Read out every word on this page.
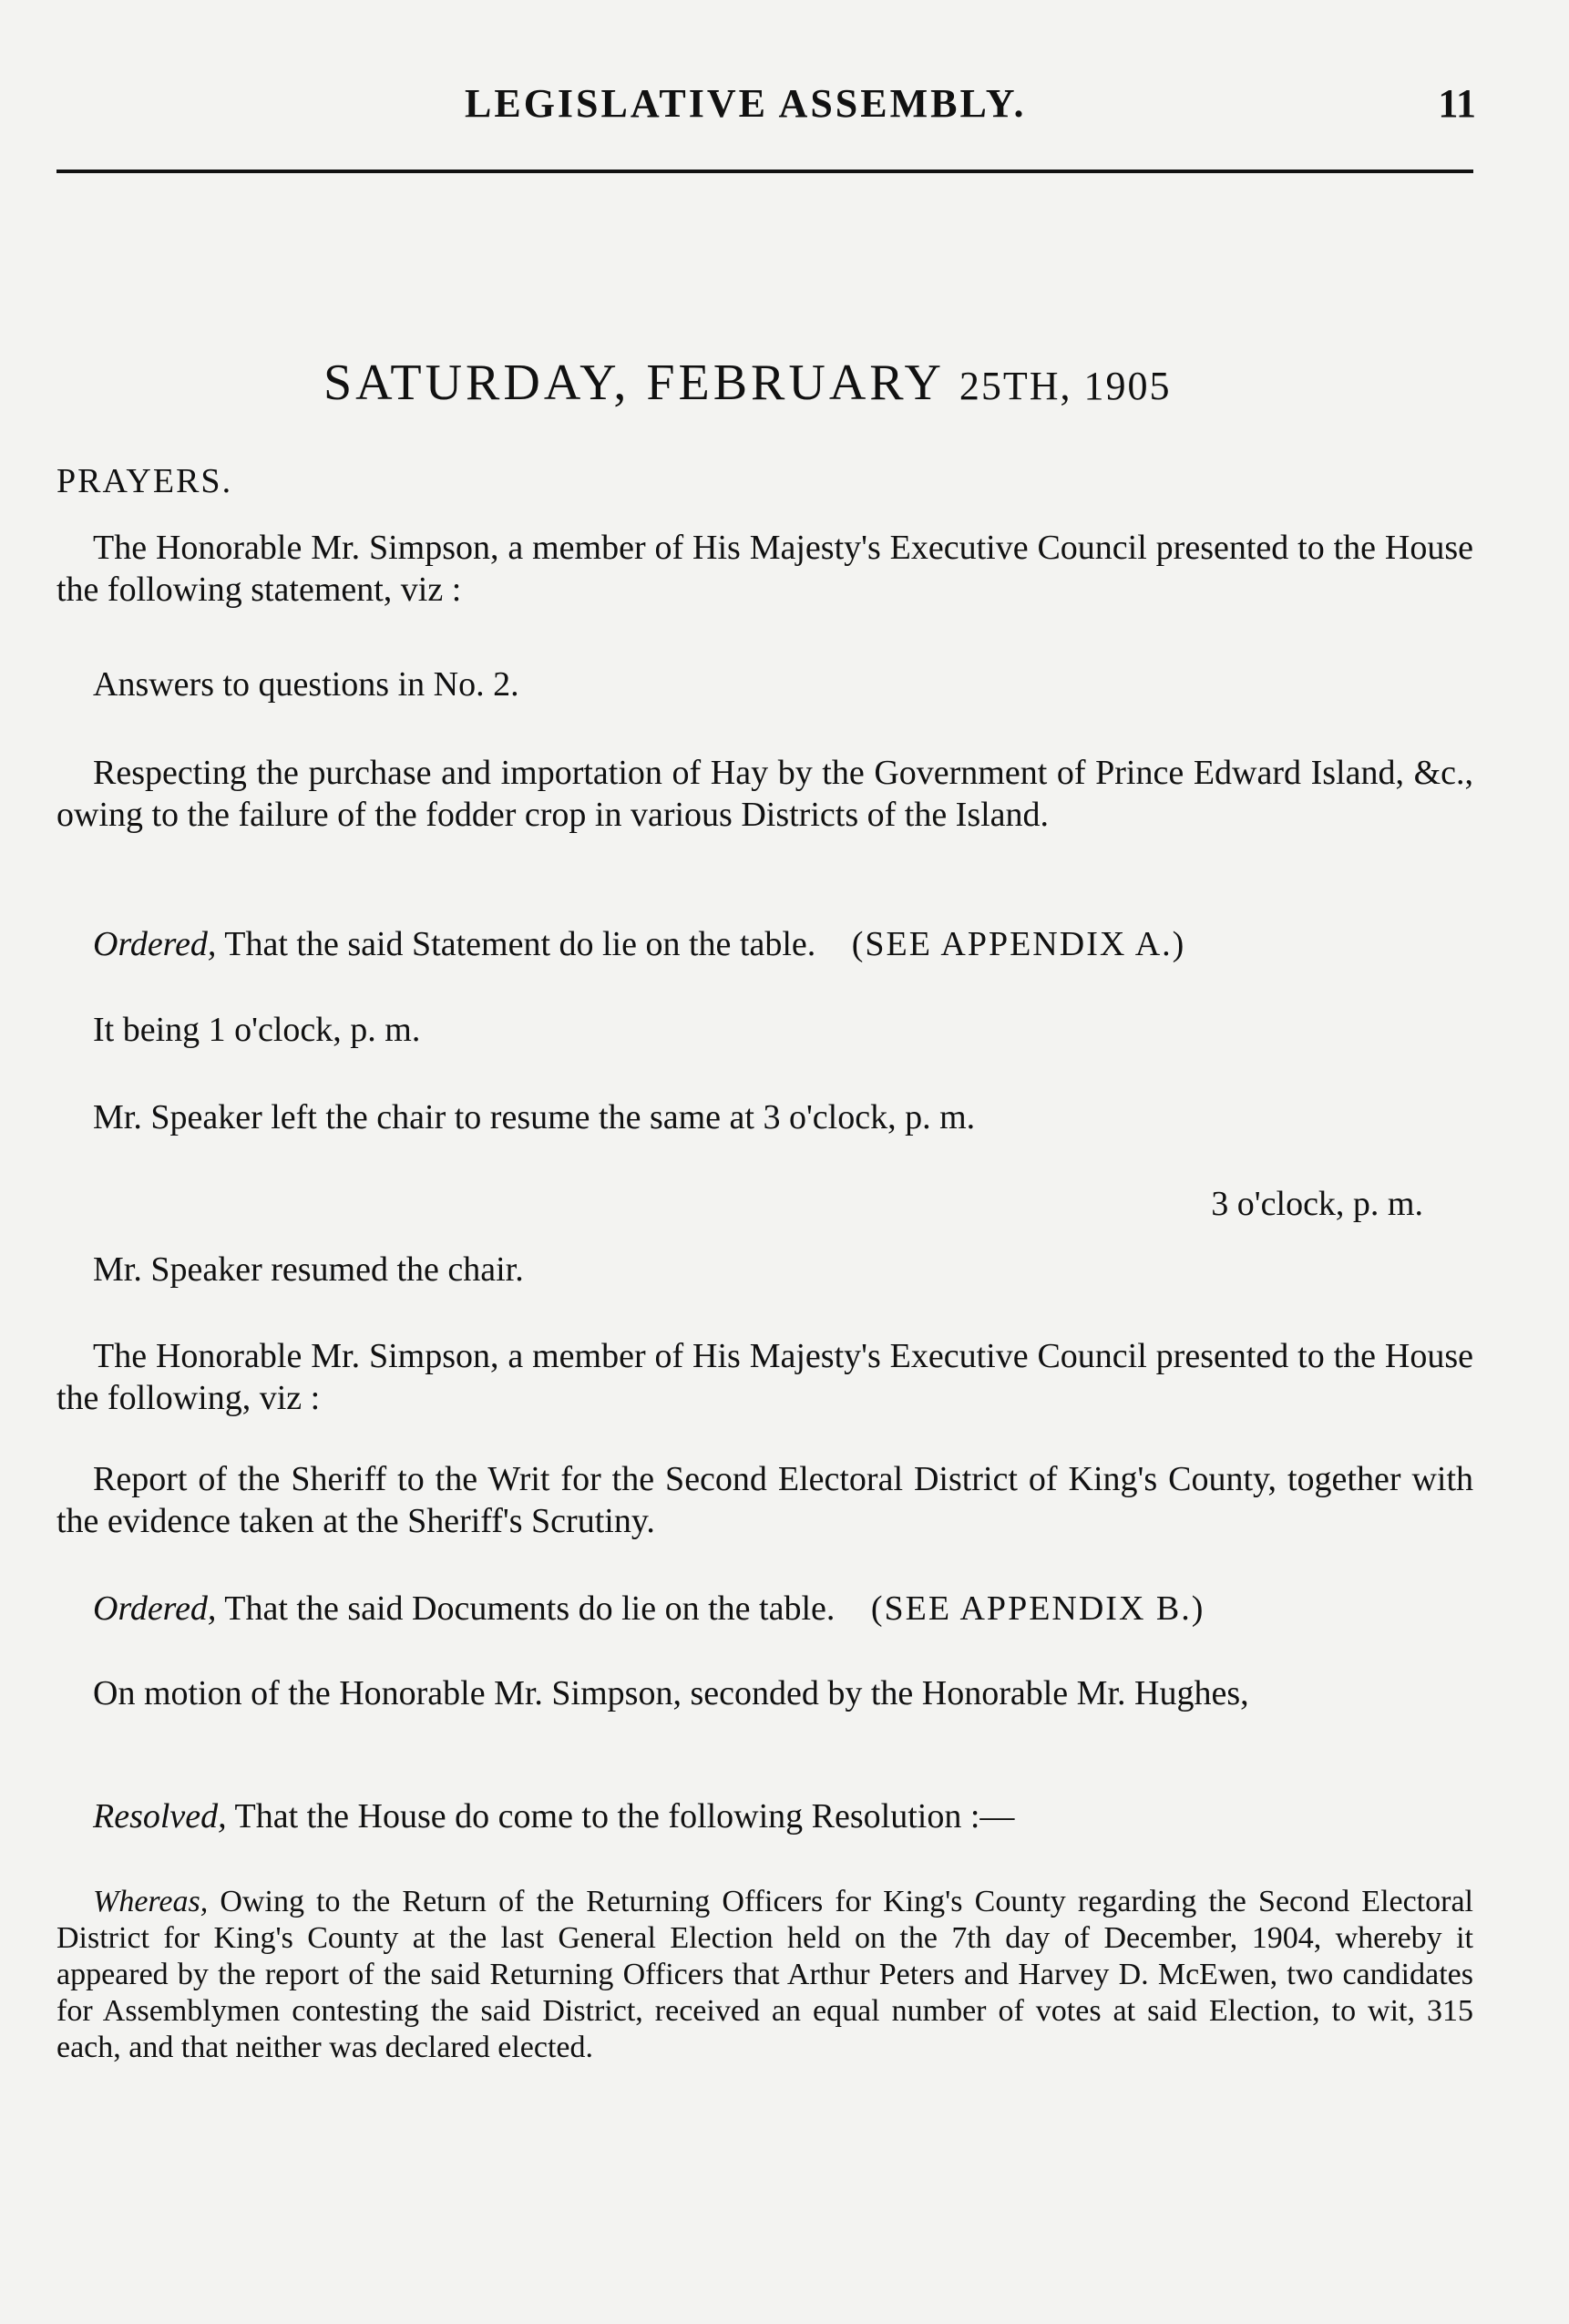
LEGISLATIVE ASSEMBLY.	11
SATURDAY, FEBRUARY 25TH, 1905
PRAYERS.
The Honorable Mr. Simpson, a member of His Majesty's Executive Council presented to the House the following statement, viz :
Answers to questions in No. 2.
Respecting the purchase and importation of Hay by the Government of Prince Edward Island, &c., owing to the failure of the fodder crop in various Districts of the Island.
Ordered, That the said Statement do lie on the table. (SEE APPENDIX A.)
It being 1 o'clock, p. m.
Mr. Speaker left the chair to resume the same at 3 o'clock, p. m.
3 o'clock, p. m.
Mr. Speaker resumed the chair.
The Honorable Mr. Simpson, a member of His Majesty's Executive Council presented to the House the following, viz :
Report of the Sheriff to the Writ for the Second Electoral District of King's County, together with the evidence taken at the Sheriff's Scrutiny.
Ordered, That the said Documents do lie on the table. (SEE APPENDIX B.)
On motion of the Honorable Mr. Simpson, seconded by the Honorable Mr. Hughes,
Resolved, That the House do come to the following Resolution :—
Whereas, Owing to the Return of the Returning Officers for King's County regarding the Second Electoral District for King's County at the last General Election held on the 7th day of December, 1904, whereby it appeared by the report of the said Returning Officers that Arthur Peters and Harvey D. McEwen, two candidates for Assemblymen contesting the said District, received an equal number of votes at said Election, to wit, 315 each, and that neither was declared elected.
